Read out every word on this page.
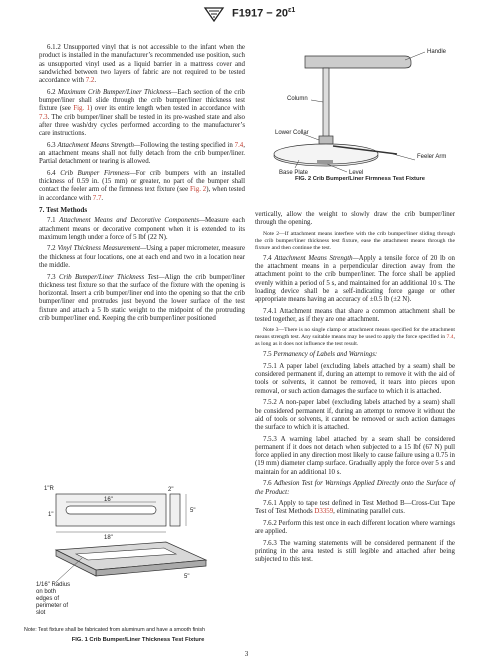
$F1917 - 20^{\varepsilon 1}$

6.1.2 Unsupported vinyl that is not accessible to the infant when the product is installed in the manufacturer’s recommended use position, such as unsupported vinyl used as a liquid barrier in a mattress cover and sandwiched between two layers of fabric are not required to be tested accordance with 7.2.

6.2 Maximum Crib Bumper/Liner Thickness—Each section of the crib bumper/liner shall slide through the crib bumper/liner thickness test fixture (see Fig. 1) over its entire length when tested in accordance with 7.3. The crib bumper/liner shall be tested in its pre-washed state and also after three wash/dry cycles performed according to the manufacturer’s care instructions.

6.3 Attachment Means Strength—Following the testing specified in 7.4, an attachment means shall not fully detach from the crib bumper/liner. Partial detachment or tearing is allowed.

6.4 Crib Bumper Firmness—For crib bumpers with an installed thickness of 0.59 in. (15 mm) or greater, no part of the bumper shall contact the feeler arm of the firmness text fixture (see Fig. 2), when tested in accordance with 7.7.

7. Test Methods

7.1 Attachment Means and Decorative Components—Measure each attachment means or decorative component when it is extended to its maximum length under a force of 5 lbf (22 N).

7.2 Vinyl Thickness Measurement—Using a paper micrometer, measure the thickness at four locations, one at each end and two in a location near the middle.

7.3 Crib Bumper/Liner Thickness Test—Align the crib bumper/liner thickness test fixture so that the surface of the fixture with the opening is horizontal. Insert a crib bumper/liner end into the opening so that the crib bumper/liner end protrudes just beyond the lower surface of the test fixture and attach a 5 lb static weight to the midpoint of the protruding crib bumper/liner end. Keeping the crib bumper/liner positioned

Handle
Column
Lower Collar
Feeler Arm
Base Plate	Level
FIG. 2 Crib Bumper/Liner Firmness Test Fixture

vertically, allow the weight to slowly draw the crib bumper/liner through the opening.

Note 2—If attachment means interfere with the crib bumper/liner sliding through the crib bumper/liner thickness test fixture, ease the attachment means through the fixture and then continue the test.

7.4 Attachment Means Strength—Apply a tensile force of 20 lb on the attachment means in a perpendicular direction away from the attachment point to the crib bumper/liner. The force shall be applied evenly within a period of 5 s, and maintained for an additional 10 s. The loading device shall be a self-indicating force gauge or other appropriate means having an accuracy of ±0.5 lb (±2 N).

7.4.1 Attachment means that share a common attachment shall be tested together, as if they are one attachment.

Note 3—There is no single clamp or attachment means specified for the attachment means strength test. Any suitable means may be used to apply the force specified in 7.4, as long as it does not influence the test result.

7.5 Permanency of Labels and Warnings:

7.5.1 A paper label (excluding labels attached by a seam) shall be considered permanent if, during an attempt to remove it with the aid of tools or solvents, it cannot be removed, it tears into pieces upon removal, or such action damages the surface to which it is attached.

7.5.2 A non-paper label (excluding labels attached by a seam) shall be considered permanent if, during an attempt to remove it without the aid of tools or solvents, it cannot be removed or such action damages the surface to which it is attached.

7.5.3 A warning label attached by a seam shall be considered permanent if it does not detach when subjected to a 15 lbf (67 N) pull force applied in any direction most likely to cause failure using a 0.75 in (19 mm) diameter clamp surface. Gradually apply the force over 5 s and maintain for an additional 10 s.

7.6 Adhesion Test for Warnings Applied Directly onto the Surface of the Product:

7.6.1 Apply to tape test defined in Test Method B—Cross-Cut Tape Test of Test Methods D3359, eliminating parallel cuts.

7.6.2 Perform this test once in each different location where warnings are applied.

7.6.3 The warning statements will be considered permanent if the printing in the area tested is still legible and attached after being subjected to this test.

1"R
16"
18"
2"
5"
1"
5"
1/16" Radius
on both
edges of
perimeter of
slot
Note: Test fixture shall be fabricated from aluminum and have a smooth finish
FIG. 1 Crib Bumper/Liner Thickness Test Fixture
3
